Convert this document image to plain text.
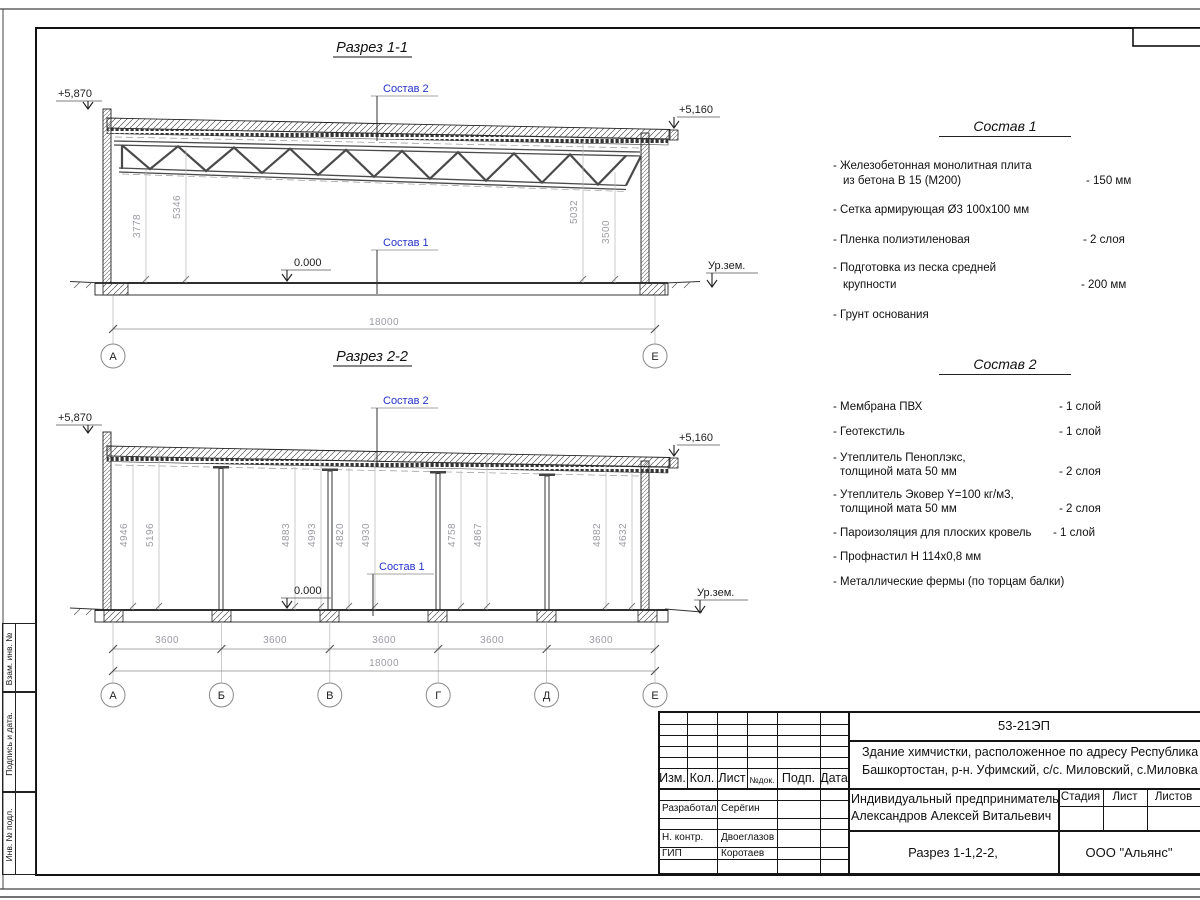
Разрез 1-1
3778
5346	5032
3500
Состав 2
Состав 1
0.000
+5,870
+5,160
Ур.зем.
18000
А	Е
Разрез 2-2
4946 5196	4883 4993 4820 4930	4758 4867	4882 4632
Состав 2
Состав 1
0.000
+5,870
+5,160
Ур.зем.
3600	3600	3600	3600	3600
18000
А	Б	В	Г	Д	Е
Состав 1
- Железобетонная монолитная плита
из бетона В 15 (М200)	- 150 мм
- Сетка армирующая Ø3 100х100 мм
- Пленка полиэтиленовая	- 2 слоя
- Подготовка из песка средней
крупности	- 200 мм
- Грунт основания
Состав 2
- Мембрана ПВХ	- 1 слой
- Геотекстиль	- 1 слой
- Утеплитель Пеноплэкс,
толщиной мата 50 мм	- 2 слоя
- Утеплитель Эковер Y=100 кг/м3,
толщиной мата 50 мм	- 2 слоя
- Пароизоляция для плоских кровель - 1 слой
- Профнастил Н 114х0,8 мм
- Металлические фермы (по торцам балки)
Изм. Кол. Лист №док. Подп. Дата
Разработал Серёгин
Н. контр. Двоеглазов
ГИП	Коротаев
53-21ЭП
Здание химчистки, расположенное по адресу Республика
Башкортостан, р-н. Уфимский, с/с. Миловский, с.Миловка
Индивидуальный предприниматель
Александров Алексей Витальевич
Стадия	Лист	Листов
Разрез 1-1,2-2,	ООО "Альянс"
Взам. инв. №
Подпись и дата.
Инв. № подл.
